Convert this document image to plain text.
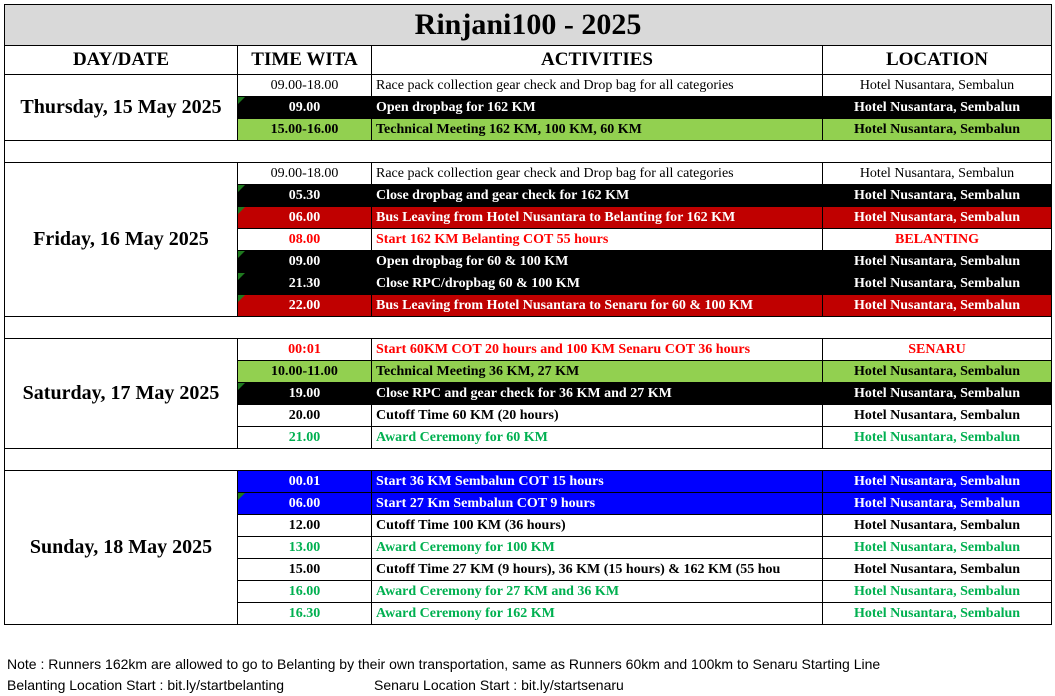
Rinjani100 - 2025			
DAY/DATE	TIME WITA	ACTIVITIES	LOCATION
Thursday, 15 May 2025	09.00-18.00	Race pack collection gear check and Drop bag for all categories	Hotel Nusantara, Sembalun
	09.00	Open dropbag for 162 KM	Hotel Nusantara, Sembalun
	15.00-16.00	Technical Meeting 162 KM, 100 KM, 60 KM	Hotel Nusantara, Sembalun

Friday, 16 May 2025	09.00-18.00	Race pack collection gear check and Drop bag for all categories	Hotel Nusantara, Sembalun
	05.30	Close dropbag and gear check for 162 KM	Hotel Nusantara, Sembalun
	06.00	Bus Leaving from Hotel Nusantara to Belanting for 162 KM	Hotel Nusantara, Sembalun
	08.00	Start 162 KM Belanting COT 55 hours	BELANTING
	09.00	Open dropbag for 60 & 100 KM	Hotel Nusantara, Sembalun
	21.30	Close RPC/dropbag 60 & 100 KM	Hotel Nusantara, Sembalun
	22.00	Bus Leaving from Hotel Nusantara to Senaru for 60 & 100 KM	Hotel Nusantara, Sembalun

Saturday, 17 May 2025	00:01	Start 60KM COT 20 hours and 100 KM Senaru COT 36 hours	SENARU
	10.00-11.00	Technical Meeting 36 KM, 27 KM	Hotel Nusantara, Sembalun
	19.00	Close RPC and gear check for 36 KM and 27 KM	Hotel Nusantara, Sembalun
	20.00	Cutoff Time 60 KM (20 hours)	Hotel Nusantara, Sembalun
	21.00	Award Ceremony for 60 KM	Hotel Nusantara, Sembalun

Sunday, 18 May 2025	00.01	Start 36 KM Sembalun COT 15 hours	Hotel Nusantara, Sembalun
	06.00	Start 27 Km Sembalun COT 9 hours	Hotel Nusantara, Sembalun
	12.00	Cutoff Time 100 KM (36 hours)	Hotel Nusantara, Sembalun
	13.00	Award Ceremony for 100 KM	Hotel Nusantara, Sembalun
	15.00	Cutoff Time 27 KM (9 hours), 36 KM (15 hours) & 162 KM (55 hou	Hotel Nusantara, Sembalun
	16.00	Award Ceremony for 27 KM and 36 KM	Hotel Nusantara, Sembalun
	16.30	Award Ceremony for 162 KM	Hotel Nusantara, Sembalun
Note : Runners 162km are allowed to go to Belanting by their own transportation, same as Runners 60km and 100km to Senaru Starting Line
Belanting Location Start : bit.ly/startbelanting	Senaru Location Start : bit.ly/startsenaru
